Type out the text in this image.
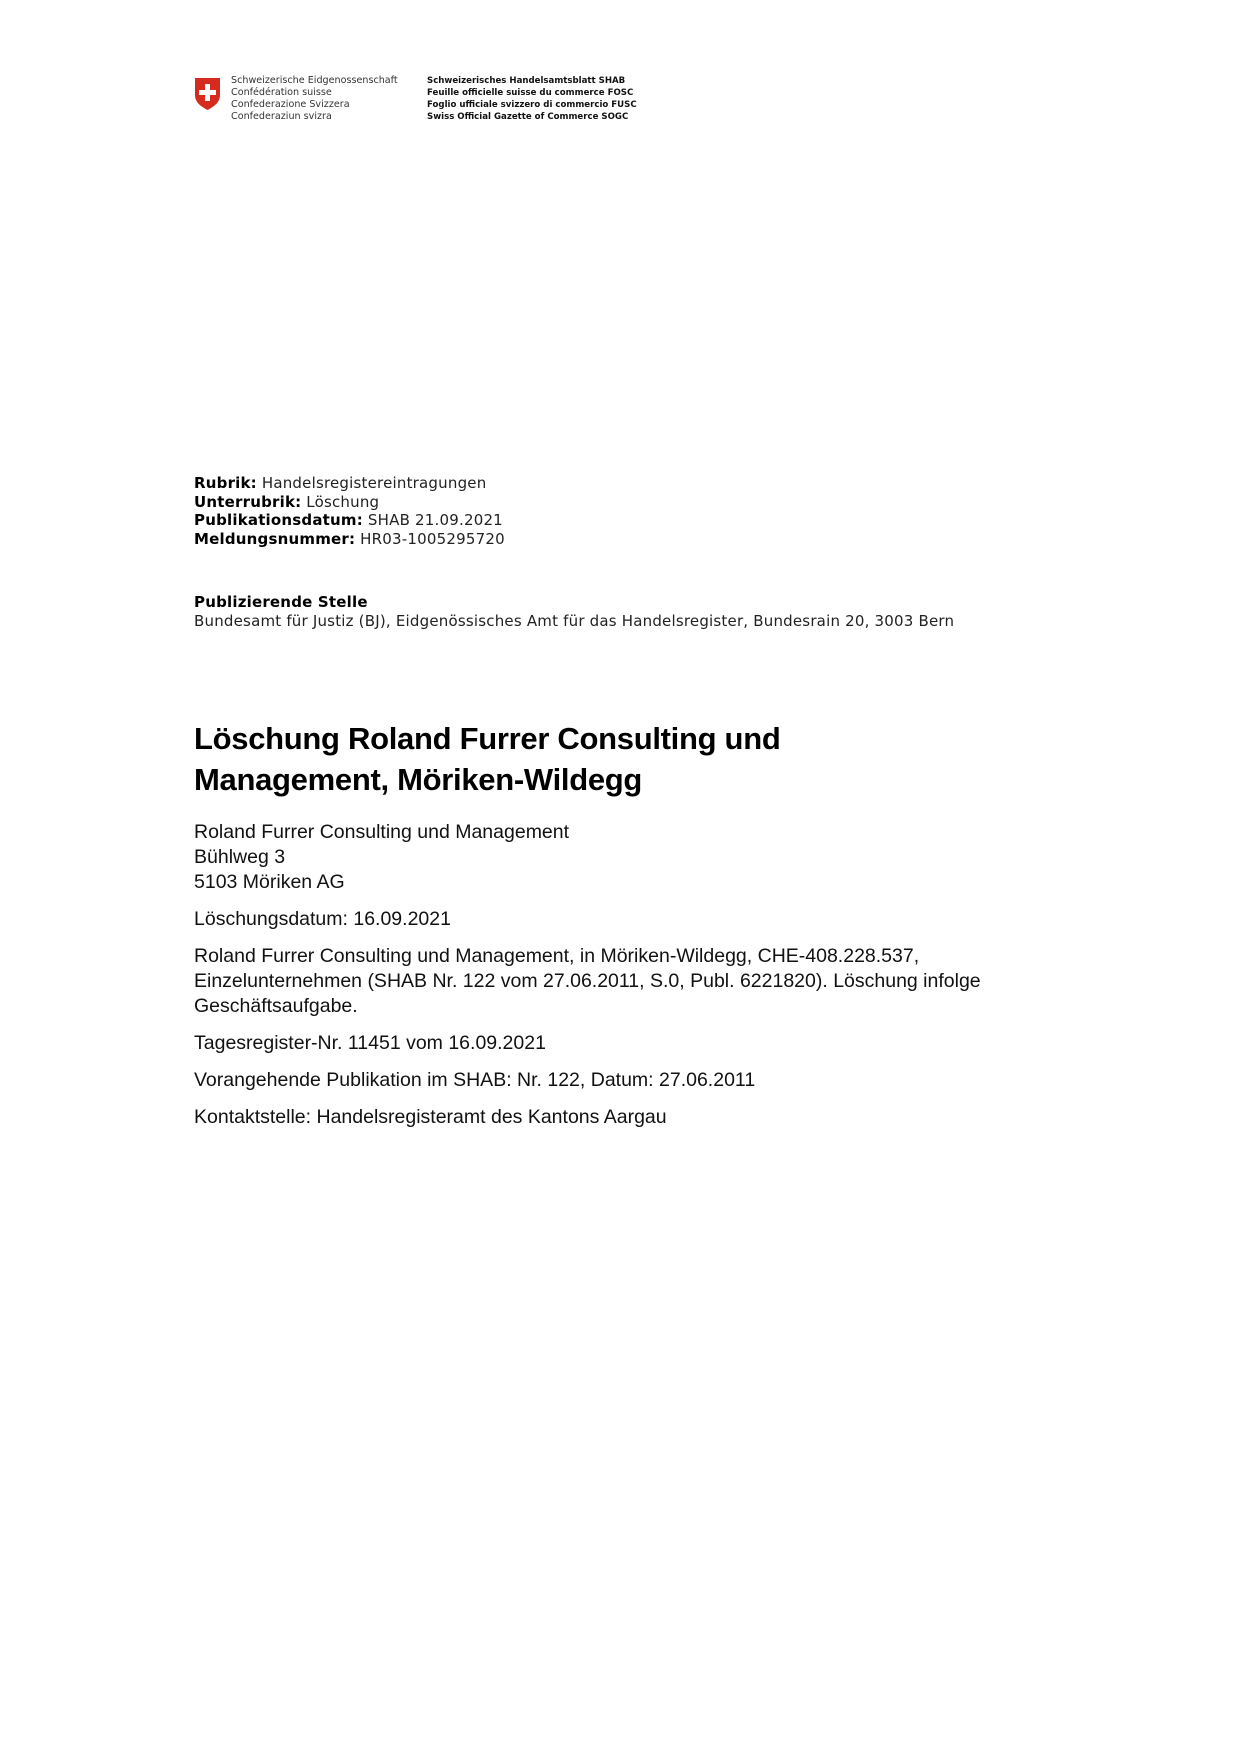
Schweizerische Eidgenossenschaft
Confédération suisse
Confederazione Svizzera
Confederaziun svizra
Schweizerisches Handelsamtsblatt SHAB
Feuille officielle suisse du commerce FOSC
Foglio ufficiale svizzero di commercio FUSC
Swiss Official Gazette of Commerce SOGC
Rubrik: Handelsregistereintragungen
Unterrubrik: Löschung
Publikationsdatum: SHAB 21.09.2021
Meldungsnummer: HR03-1005295720
Publizierende Stelle
Bundesamt für Justiz (BJ), Eidgenössisches Amt für das Handelsregister, Bundesrain 20, 3003 Bern
Löschung Roland Furrer Consulting und
Management, Möriken-Wildegg

Roland Furrer Consulting und Management
Bühlweg 3
5103 Möriken AG

Löschungsdatum: 16.09.2021

Roland Furrer Consulting und Management, in Möriken-Wildegg, CHE-408.228.537, Einzelunternehmen (SHAB Nr. 122 vom 27.06.2011, S.0, Publ. 6221820). Löschung infolge Geschäftsaufgabe.

Tagesregister-Nr. 11451 vom 16.09.2021

Vorangehende Publikation im SHAB: Nr. 122, Datum: 27.06.2011

Kontaktstelle: Handelsregisteramt des Kantons Aargau
